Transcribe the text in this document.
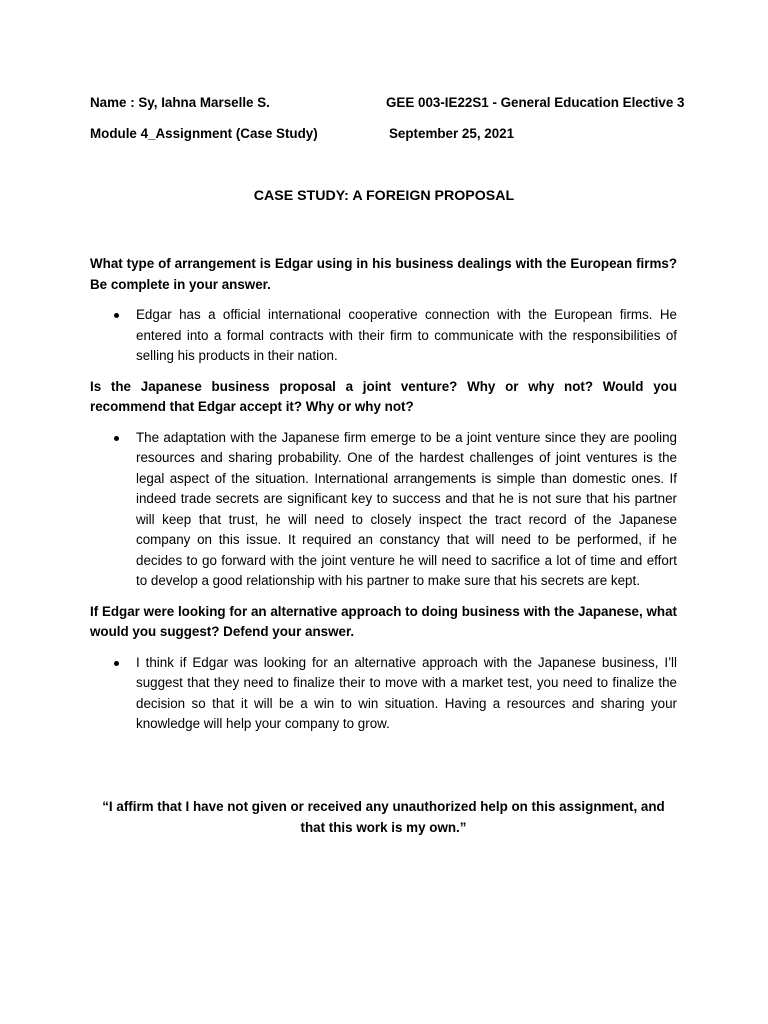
Name : Sy, Iahna Marselle S.	GEE 003-IE22S1 - General Education Elective 3
Module 4_Assignment (Case Study)	September 25, 2021
CASE STUDY: A FOREIGN PROPOSAL

What type of arrangement is Edgar using in his business dealings with the European firms? Be complete in your answer.

Edgar has a official international cooperative connection with the European firms. He entered into a formal contracts with their firm to communicate with the responsibilities of selling his products in their nation.

Is the Japanese business proposal a joint venture? Why or why not? Would you recommend that Edgar accept it? Why or why not?

The adaptation with the Japanese firm emerge to be a joint venture since they are pooling resources and sharing probability. One of the hardest challenges of joint ventures is the legal aspect of the situation. International arrangements is simple than domestic ones. If indeed trade secrets are significant key to success and that he is not sure that his partner will keep that trust, he will need to closely inspect the tract record of the Japanese company on this issue. It required an constancy that will need to be performed, if he decides to go forward with the joint venture he will need to sacrifice a lot of time and effort to develop a good relationship with his partner to make sure that his secrets are kept.

If Edgar were looking for an alternative approach to doing business with the Japanese, what would you suggest? Defend your answer.

I think if Edgar was looking for an alternative approach with the Japanese business, I’ll suggest that they need to finalize their to move with a market test, you need to finalize the decision so that it will be a win to win situation. Having a resources and sharing your knowledge will help your company to grow.
“I affirm that I have not given or received any unauthorized help on this assignment, and that this work is my own.”
